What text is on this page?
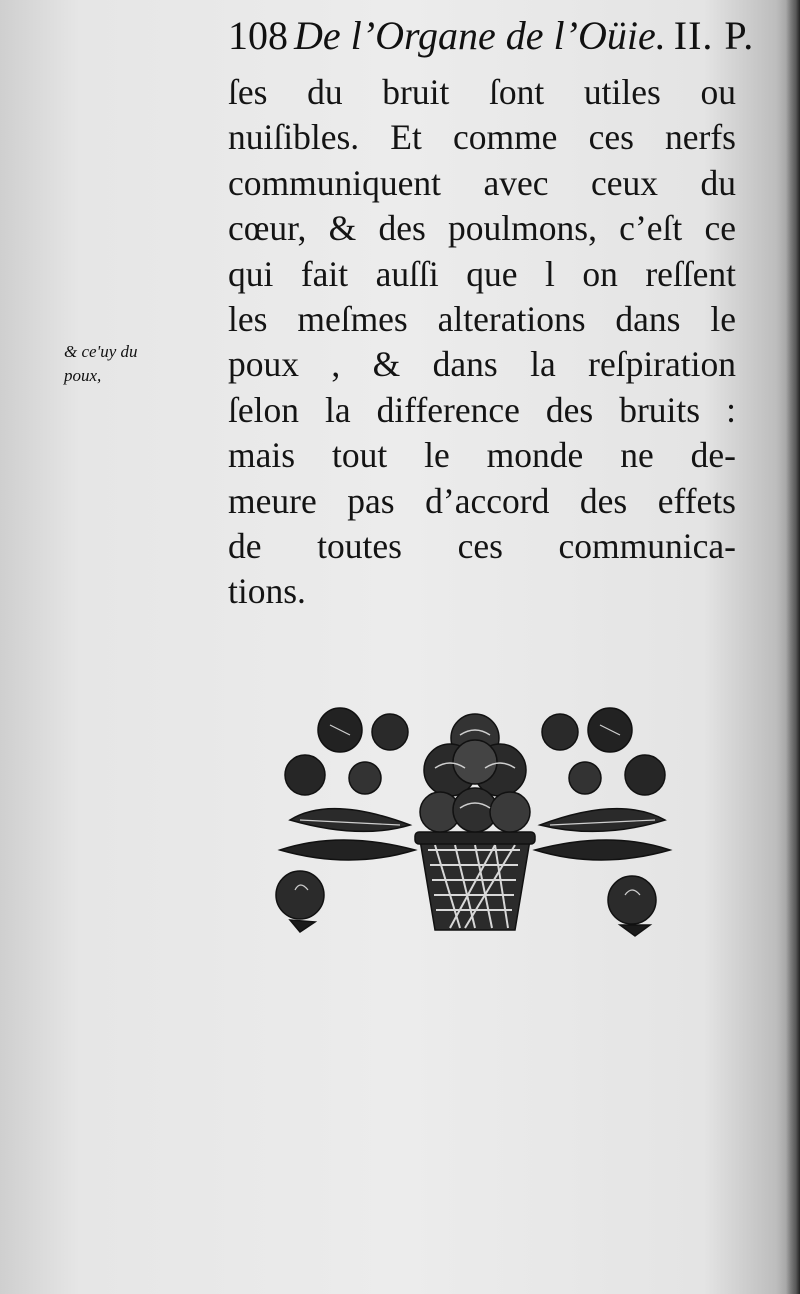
108 De l’Organe de l’Oüie. II. P.
& ce'uy du
poux,
ſes du bruit ſont utiles ou
nuiſibles. Et comme ces nerfs
communiquent avec ceux du
cœur, & des poulmons, c’eſt ce
qui fait auſſi que l on reſſent
les meſmes alterations dans le
poux , & dans la reſpiration
ſelon la difference des bruits :
mais tout le monde ne de-
meure pas d’accord des effets
de toutes ces communica-
tions.
